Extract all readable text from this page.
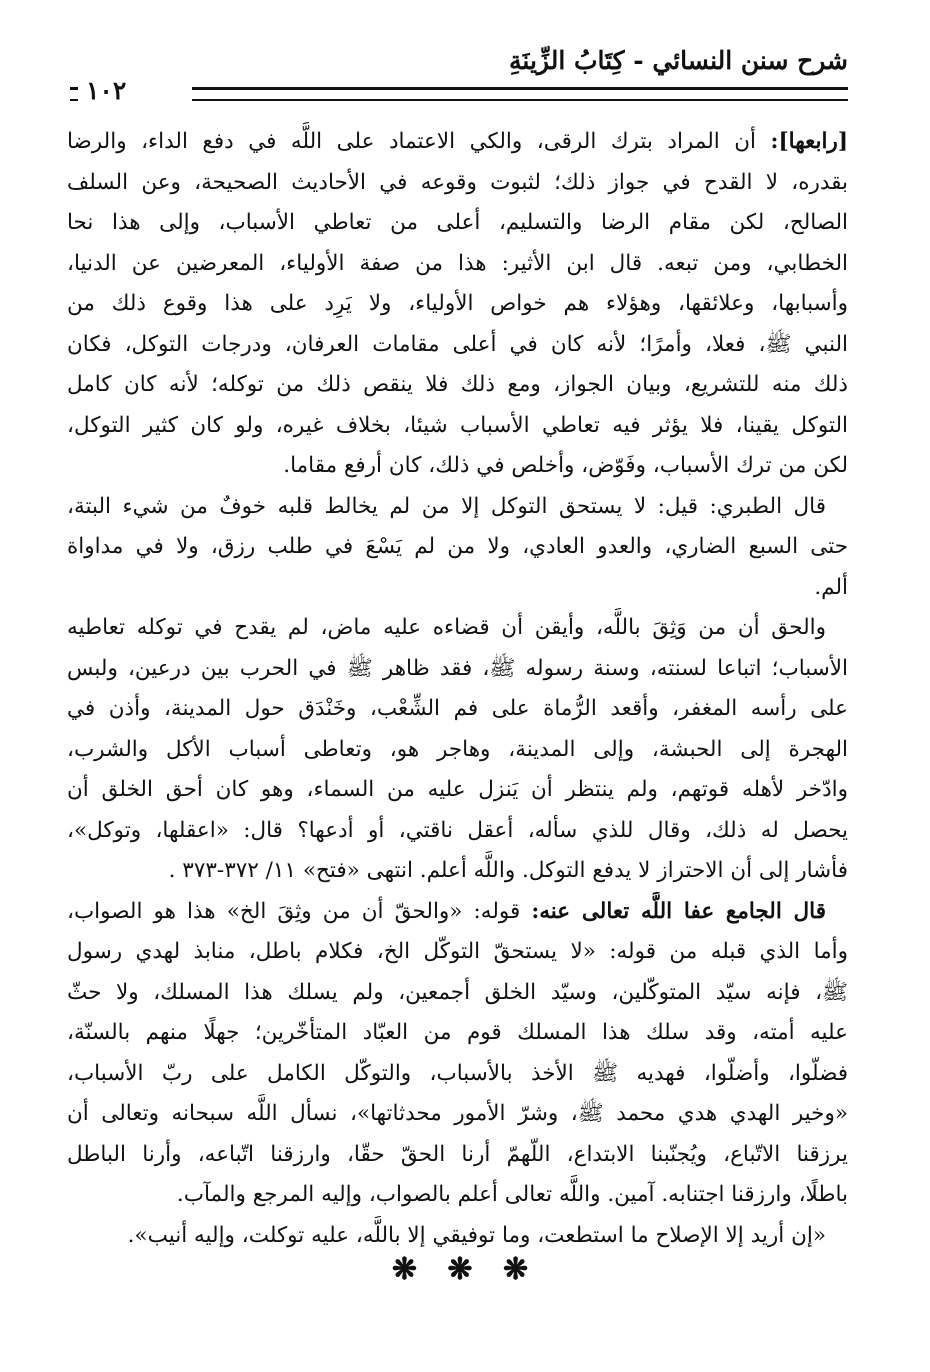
شرح سنن النسائي - كِتَابُ الزِّينَةِ
١٠٢
[رابعها]: أن المراد بترك الرقى، والكي الاعتماد على اللَّه في دفع الداء، والرضا
بقدره، لا القدح في جواز ذلك؛ لثبوت وقوعه في الأحاديث الصحيحة، وعن السلف
الصالح، لكن مقام الرضا والتسليم، أعلى من تعاطي الأسباب، وإلى هذا نحا
الخطابي، ومن تبعه. قال ابن الأثير: هذا من صفة الأولياء، المعرضين عن الدنيا،
وأسبابها، وعلائقها، وهؤلاء هم خواص الأولياء، ولا يَرِد على هذا وقوع ذلك من
النبي ﷺ، فعلا، وأمرًا؛ لأنه كان في أعلى مقامات العرفان، ودرجات التوكل، فكان
ذلك منه للتشريع، وبيان الجواز، ومع ذلك فلا ينقص ذلك من توكله؛ لأنه كان كامل
التوكل يقينا، فلا يؤثر فيه تعاطي الأسباب شيئا، بخلاف غيره، ولو كان كثير التوكل،
لكن من ترك الأسباب، وفَوّض، وأخلص في ذلك، كان أرفع مقاما.
قال الطبري: قيل: لا يستحق التوكل إلا من لم يخالط قلبه خوفٌ من شيء البتة،
حتى السبع الضاري، والعدو العادي، ولا من لم يَسْعَ في طلب رزق، ولا في مداواة
ألم.
والحق أن من وَثِقَ باللَّه، وأيقن أن قضاءه عليه ماض، لم يقدح في توكله تعاطيه
الأسباب؛ اتباعا لسنته، وسنة رسوله ﷺ، فقد ظاهر ﷺ في الحرب بين درعين، ولبس
على رأسه المغفر، وأقعد الرُّماة على فم الشِّعْب، وخَنْدَق حول المدينة، وأذن في
الهجرة إلى الحبشة، وإلى المدينة، وهاجر هو، وتعاطى أسباب الأكل والشرب،
وادّخر لأهله قوتهم، ولم ينتظر أن يَنزل عليه من السماء، وهو كان أحق الخلق أن
يحصل له ذلك، وقال للذي سأله، أعقل ناقتي، أو أدعها؟ قال: «اعقلها، وتوكل»،
فأشار إلى أن الاحتراز لا يدفع التوكل. واللَّه أعلم. انتهى «فتح» ١١/ ٣٧٢-٣٧٣ .
قال الجامع عفا اللَّه تعالى عنه: قوله: «والحقّ أن من وثِقَ الخ» هذا هو الصواب،
وأما الذي قبله من قوله: «لا يستحقّ التوكّل الخ، فكلام باطل، منابذ لهدي رسول
ﷺ، فإنه سيّد المتوكّلين، وسيّد الخلق أجمعين، ولم يسلك هذا المسلك، ولا حثّ
عليه أمته، وقد سلك هذا المسلك قوم من العبّاد المتأخّرين؛ جهلًا منهم بالسنّة،
فضلّوا، وأضلّوا، فهديه ﷺ الأخذ بالأسباب، والتوكّل الكامل على ربّ الأسباب،
«وخير الهدي هدي محمد ﷺ، وشرّ الأمور محدثاتها»، نسأل اللَّه سبحانه وتعالى أن
يرزقنا الاتّباع، ويُجنّبنا الابتداع، اللّهمّ أرنا الحقّ حقّا، وارزقنا اتّباعه، وأرنا الباطل
باطلًا، وارزقنا اجتنابه. آمين. واللَّه تعالى أعلم بالصواب، وإليه المرجع والمآب.
«إن أريد إلا الإصلاح ما استطعت، وما توفيقي إلا باللَّه، عليه توكلت، وإليه أنيب».
❋ ❋ ❋
